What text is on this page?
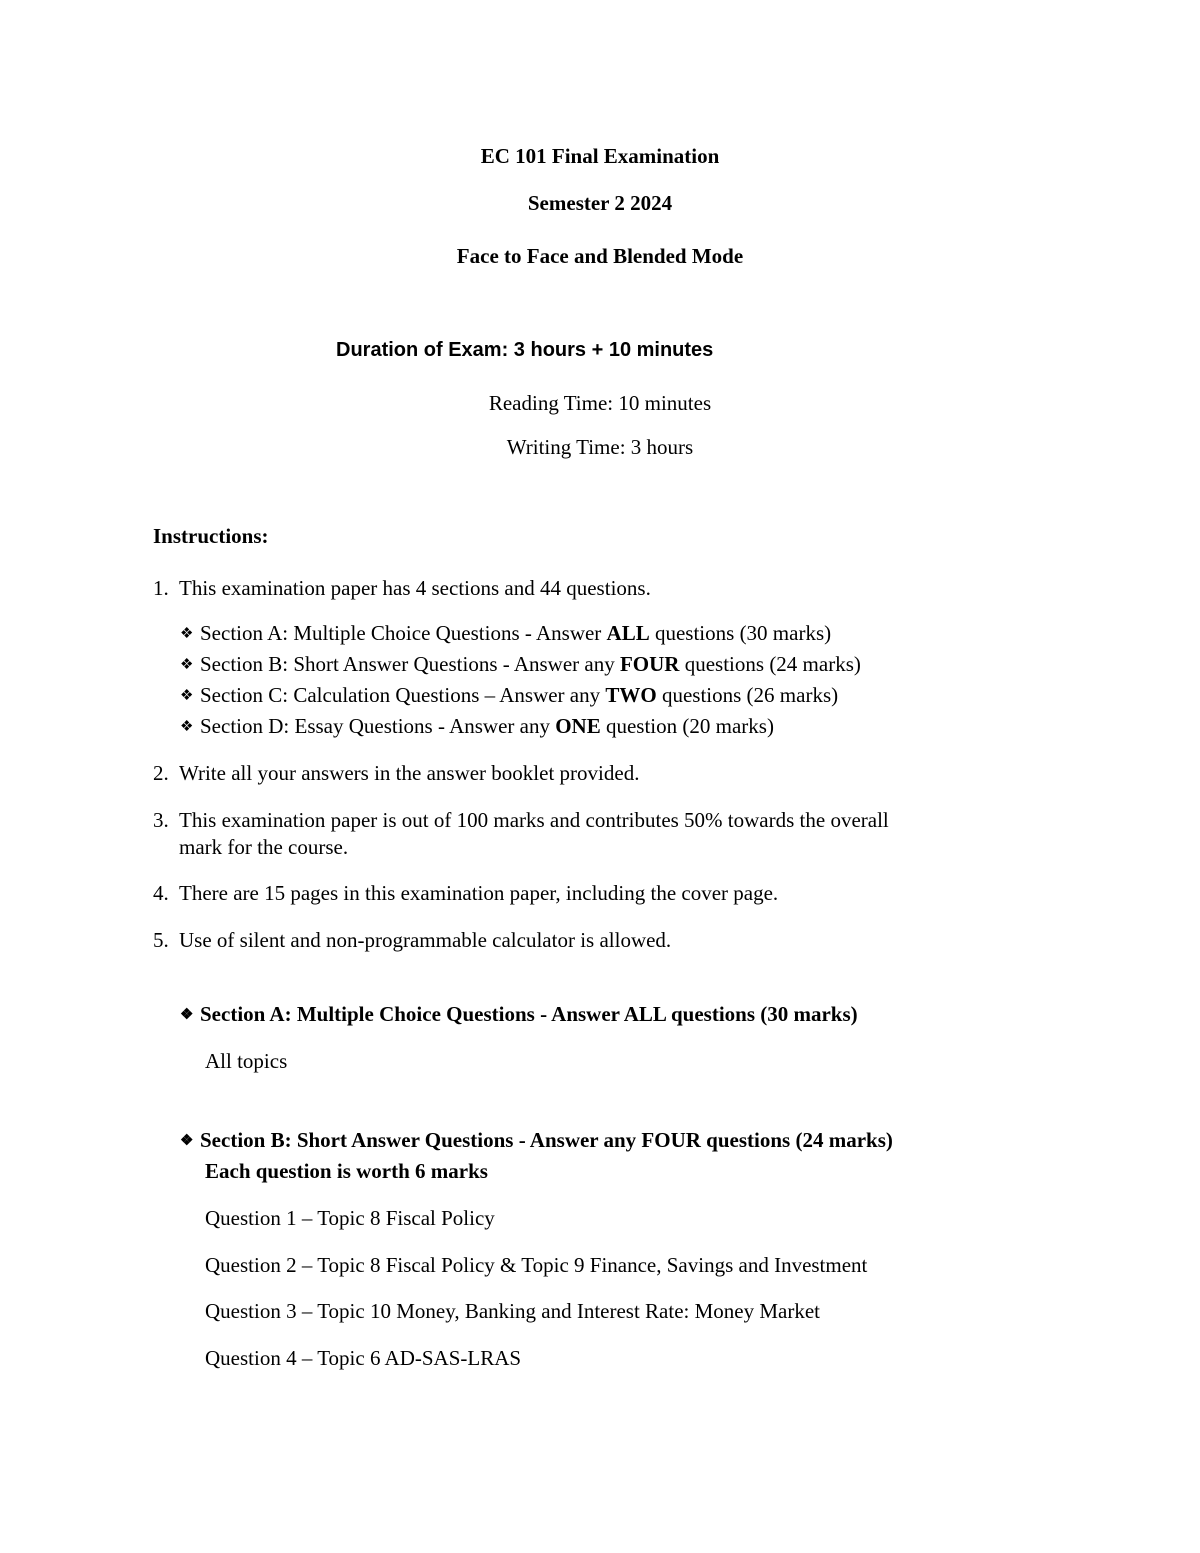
EC 101 Final Examination
Semester 2 2024
Face to Face and Blended Mode
Duration of Exam: 3 hours + 10 minutes
Reading Time: 10 minutes
Writing Time: 3 hours
Instructions:
1. This examination paper has 4 sections and 44 questions.
❖ Section A: Multiple Choice Questions - Answer ALL questions (30 marks)
❖ Section B: Short Answer Questions - Answer any FOUR questions (24 marks)
❖ Section C: Calculation Questions – Answer any TWO questions (26 marks)
❖ Section D: Essay Questions - Answer any ONE question (20 marks)
2. Write all your answers in the answer booklet provided.
3. This examination paper is out of 100 marks and contributes 50% towards the overall
mark for the course.
4. There are 15 pages in this examination paper, including the cover page.
5. Use of silent and non-programmable calculator is allowed.
❖ Section A: Multiple Choice Questions - Answer ALL questions (30 marks)
All topics
❖ Section B: Short Answer Questions - Answer any FOUR questions (24 marks)
Each question is worth 6 marks
Question 1 – Topic 8 Fiscal Policy
Question 2 – Topic 8 Fiscal Policy & Topic 9 Finance, Savings and Investment
Question 3 – Topic 10 Money, Banking and Interest Rate: Money Market
Question 4 – Topic 6 AD-SAS-LRAS
